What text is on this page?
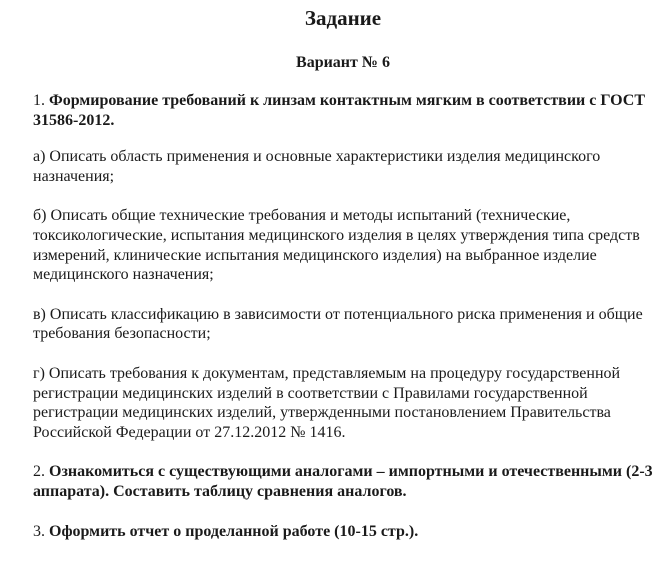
Задание
Вариант № 6

1. Формирование требований к линзам контактным мягким в соответствии с ГОСТ 31586-2012.

а) Описать область применения и основные характеристики изделия медицинского назначения;

б) Описать общие технические требования и методы испытаний (технические, токсикологические, испытания медицинского изделия в целях утверждения типа средств измерений, клинические испытания медицинского изделия) на выбранное изделие медицинского назначения;

в) Описать классификацию в зависимости от потенциального риска применения и общие требования безопасности;

г) Описать требования к документам, представляемым на процедуру государственной регистрации медицинских изделий в соответствии с Правилами государственной регистрации медицинских изделий, утвержденными постановлением Правительства Российской Федерации от 27.12.2012 № 1416.

2. Ознакомиться с существующими аналогами – импортными и отечественными (2-3 аппарата). Составить таблицу сравнения аналогов.

3. Оформить отчет о проделанной работе (10-15 стр.).
